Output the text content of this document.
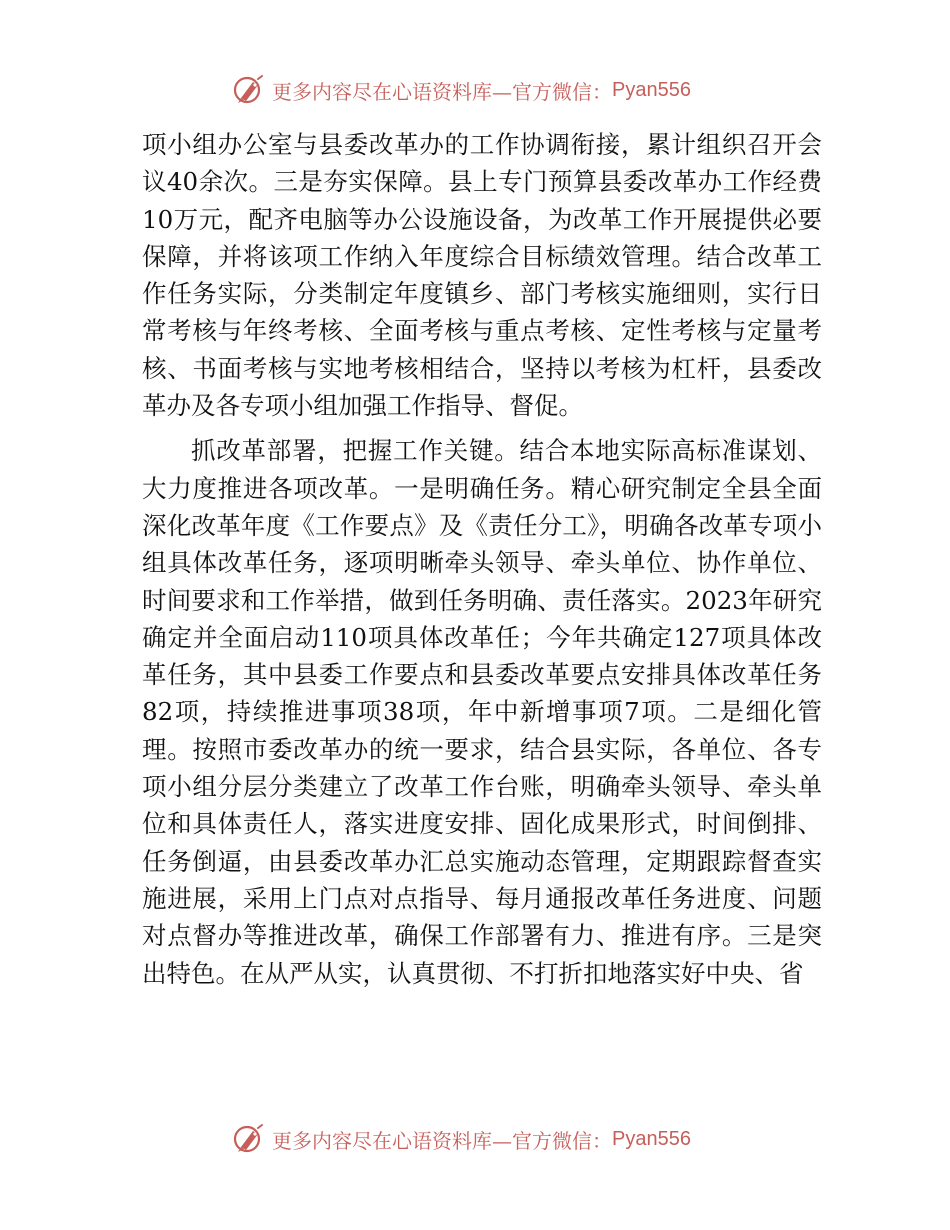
更多内容尽在心语资料库—官方微信： Pyan556

项小组办公室与县委改革办的工作协调衔接，累计组织召开会议40余次。三是夯实保障。县上专门预算县委改革办工作经费10万元，配齐电脑等办公设施设备，为改革工作开展提供必要保障，并将该项工作纳入年度综合目标绩效管理。结合改革工作任务实际，分类制定年度镇乡、部门考核实施细则，实行日常考核与年终考核、全面考核与重点考核、定性考核与定量考核、书面考核与实地考核相结合，坚持以考核为杠杆，县委改革办及各专项小组加强工作指导、督促。

抓改革部署，把握工作关键。结合本地实际高标准谋划、大力度推进各项改革。一是明确任务。精心研究制定全县全面深化改革年度《工作要点》及《责任分工》，明确各改革专项小组具体改革任务，逐项明晰牵头领导、牵头单位、协作单位、时间要求和工作举措，做到任务明确、责任落实。2023年研究确定并全面启动110项具体改革任；今年共确定127项具体改革任务，其中县委工作要点和县委改革要点安排具体改革任务82项，持续推进事项38项，年中新增事项7项。二是细化管理。按照市委改革办的统一要求，结合县实际，各单位、各专项小组分层分类建立了改革工作台账，明确牵头领导、牵头单位和具体责任人，落实进度安排、固化成果形式，时间倒排、任务倒逼，由县委改革办汇总实施动态管理，定期跟踪督查实施进展，采用上门点对点指导、每月通报改革任务进度、问题对点督办等推进改革，确保工作部署有力、推进有序。三是突出特色。在从严从实，认真贯彻、不打折扣地落实好中央、省

更多内容尽在心语资料库—官方微信： Pyan556
